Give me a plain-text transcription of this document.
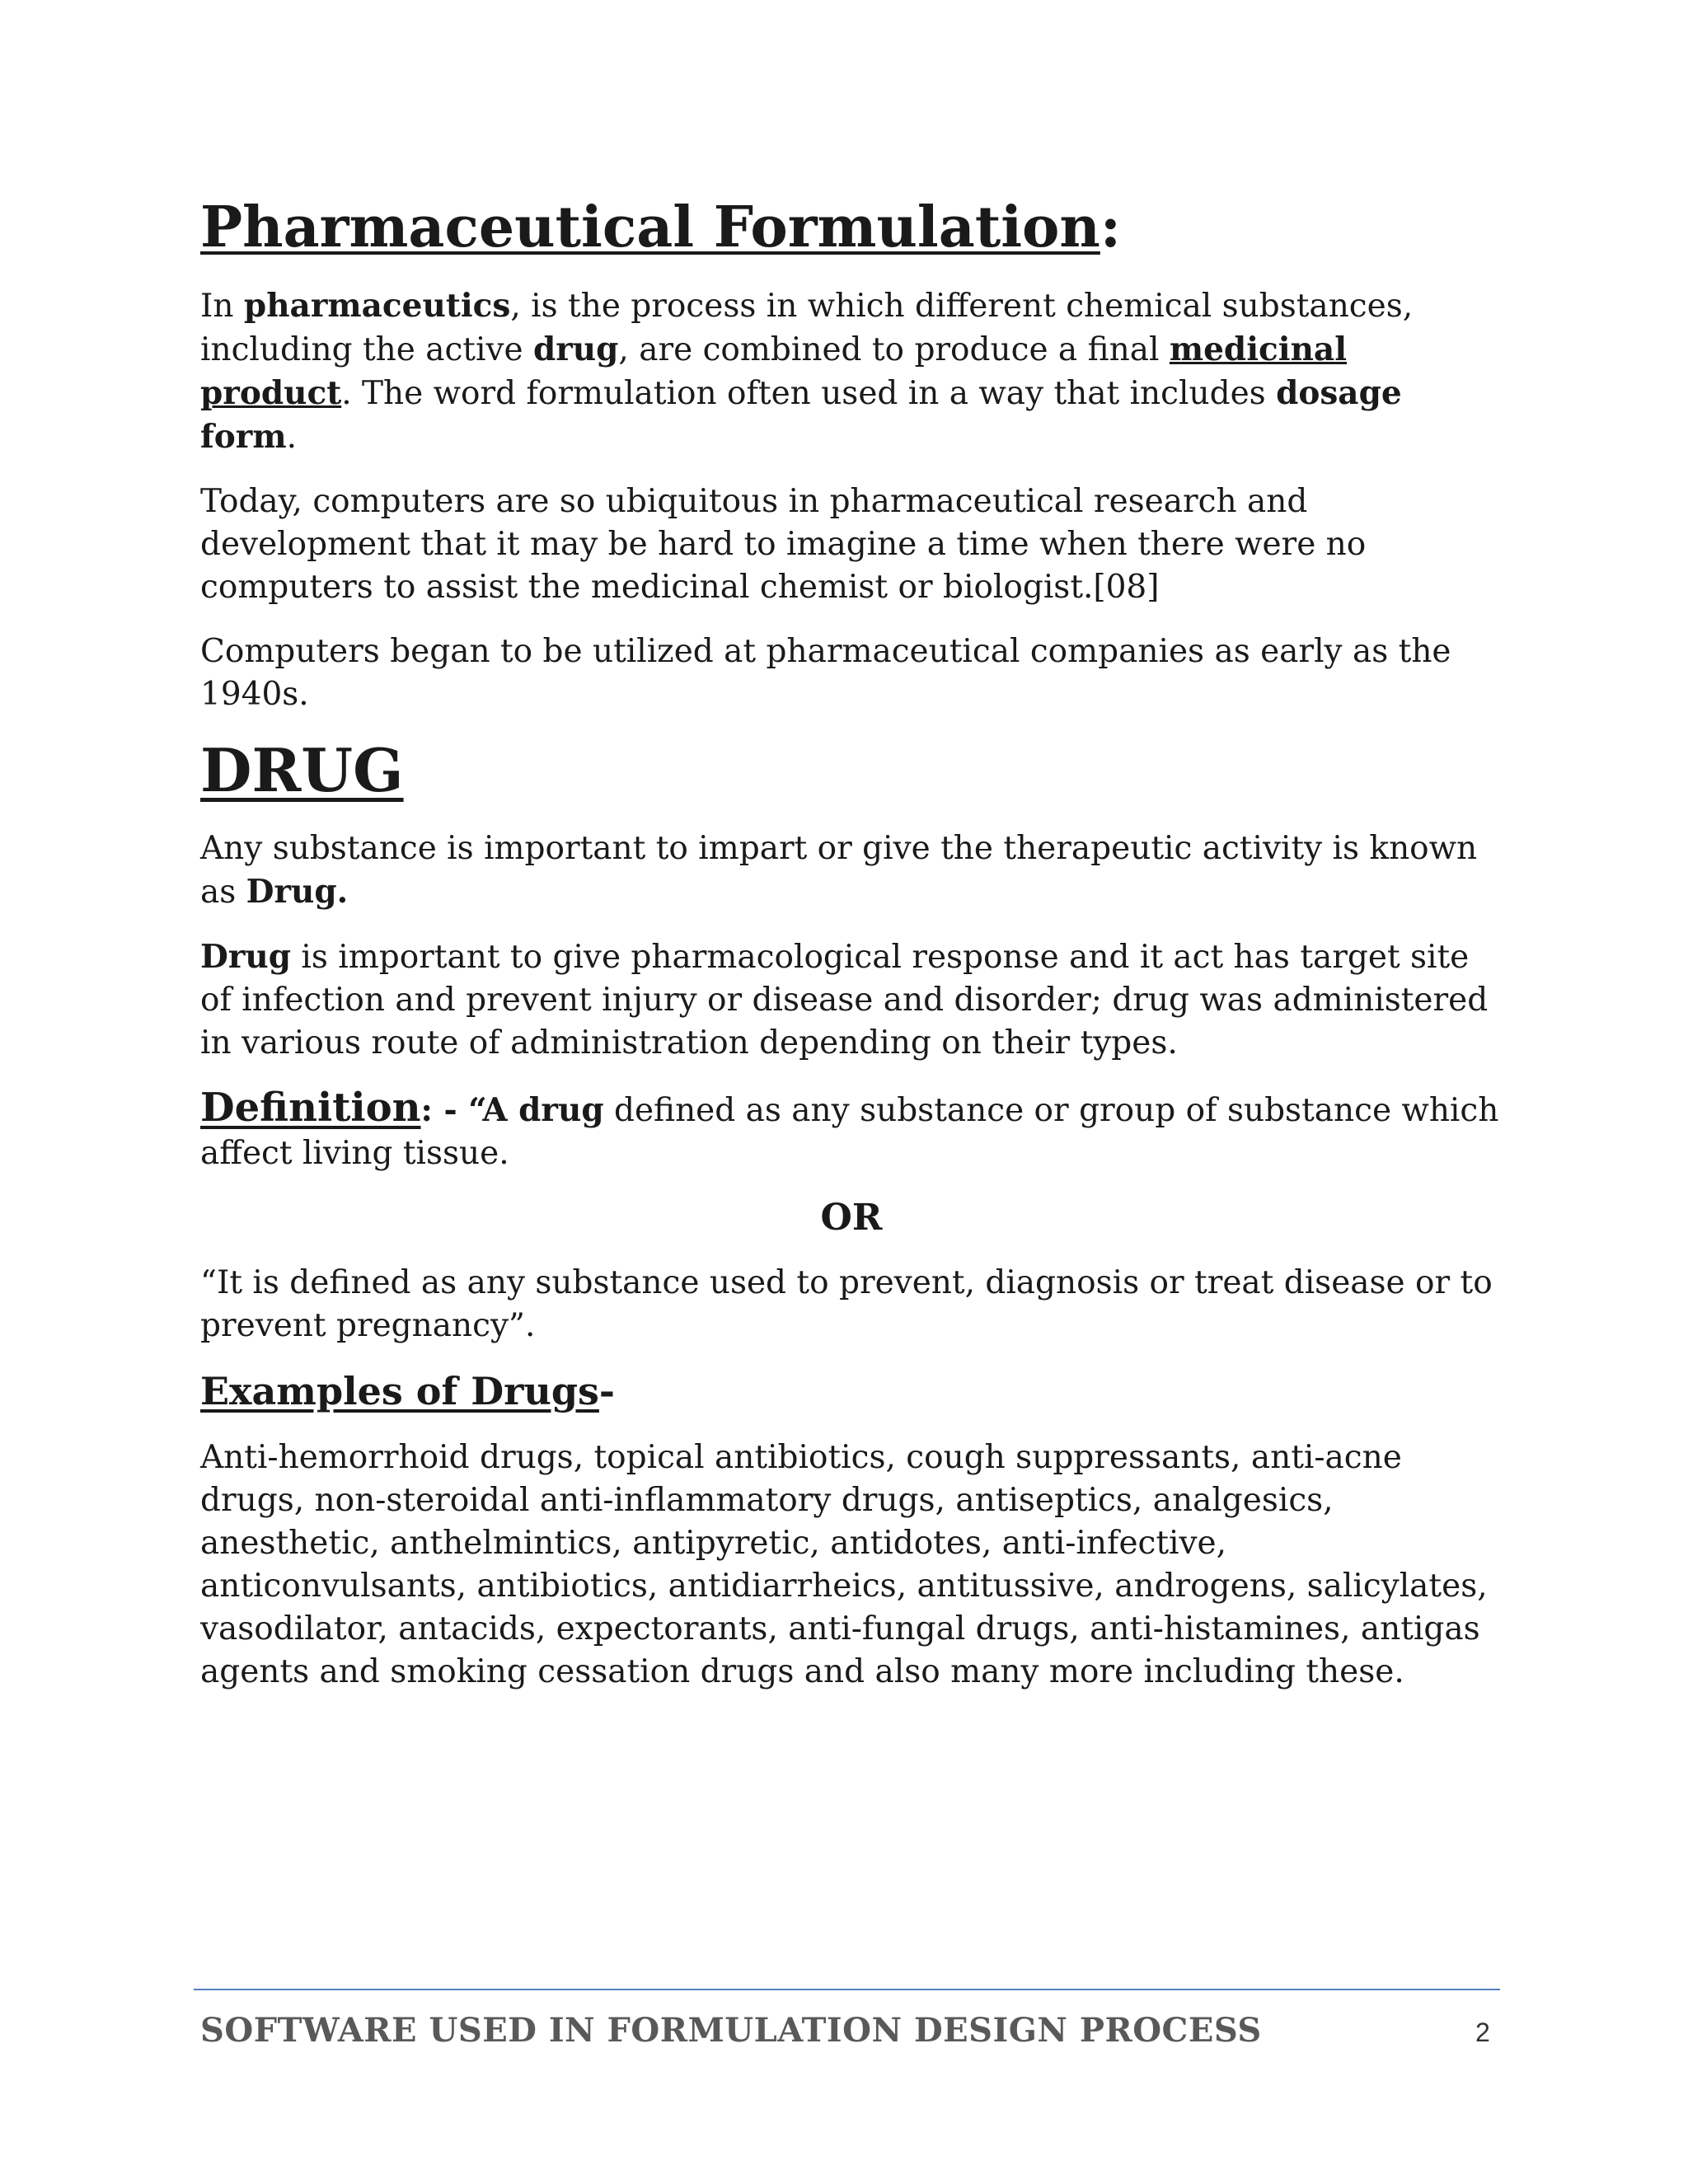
Pharmaceutical Formulation:

In pharmaceutics, is the process in which different chemical substances, including the active drug, are combined to produce a final medicinal product. The word formulation often used in a way that includes dosage form.

Today, computers are so ubiquitous in pharmaceutical research and development that it may be hard to imagine a time when there were no computers to assist the medicinal chemist or biologist.[08]

Computers began to be utilized at pharmaceutical companies as early as the 1940s.

DRUG

Any substance is important to impart or give the therapeutic activity is known as Drug.

Drug is important to give pharmacological response and it act has target site of infection and prevent injury or disease and disorder; drug was administered in various route of administration depending on their types.

Definition: - “A drug defined as any substance or group of substance which affect living tissue.

OR

“It is defined as any substance used to prevent, diagnosis or treat disease or to prevent pregnancy”.

Examples of Drugs-

Anti-hemorrhoid drugs, topical antibiotics, cough suppressants, anti-acne drugs, non-steroidal anti-inflammatory drugs, antiseptics, analgesics, anesthetic, anthelmintics, antipyretic, antidotes, anti-infective, anticonvulsants, antibiotics, antidiarrheics, antitussive, androgens, salicylates, vasodilator, antacids, expectorants, anti-fungal drugs, anti-histamines, antigas agents and smoking cessation drugs and also many more including these.

SOFTWARE USED IN FORMULATION DESIGN PROCESS	2
